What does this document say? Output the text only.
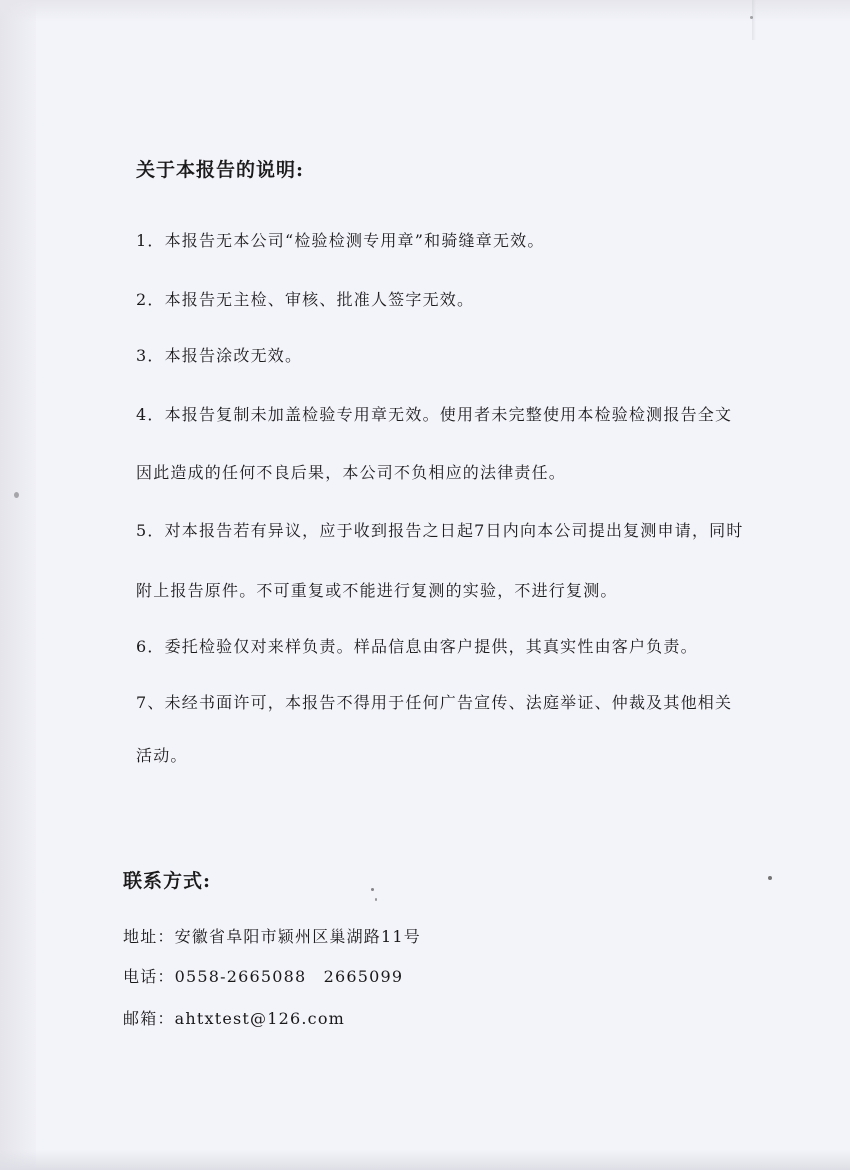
关于本报告的说明:
1．本报告无本公司“检验检测专用章”和骑缝章无效。
2．本报告无主检、审核、批准人签字无效。
3．本报告涂改无效。
4．本报告复制未加盖检验专用章无效。使用者未完整使用本检验检测报告全文
因此造成的任何不良后果，本公司不负相应的法律责任。
5．对本报告若有异议，应于收到报告之日起7日内向本公司提出复测申请，同时
附上报告原件。不可重复或不能进行复测的实验，不进行复测。
6．委托检验仅对来样负责。样品信息由客户提供，其真实性由客户负责。
7、未经书面许可，本报告不得用于任何广告宣传、法庭举证、仲裁及其他相关
活动。
联系方式:
地址：安徽省阜阳市颍州区巢湖路11号
电话：0558-2665088　2665099
邮箱：ahtxtest@126.com
